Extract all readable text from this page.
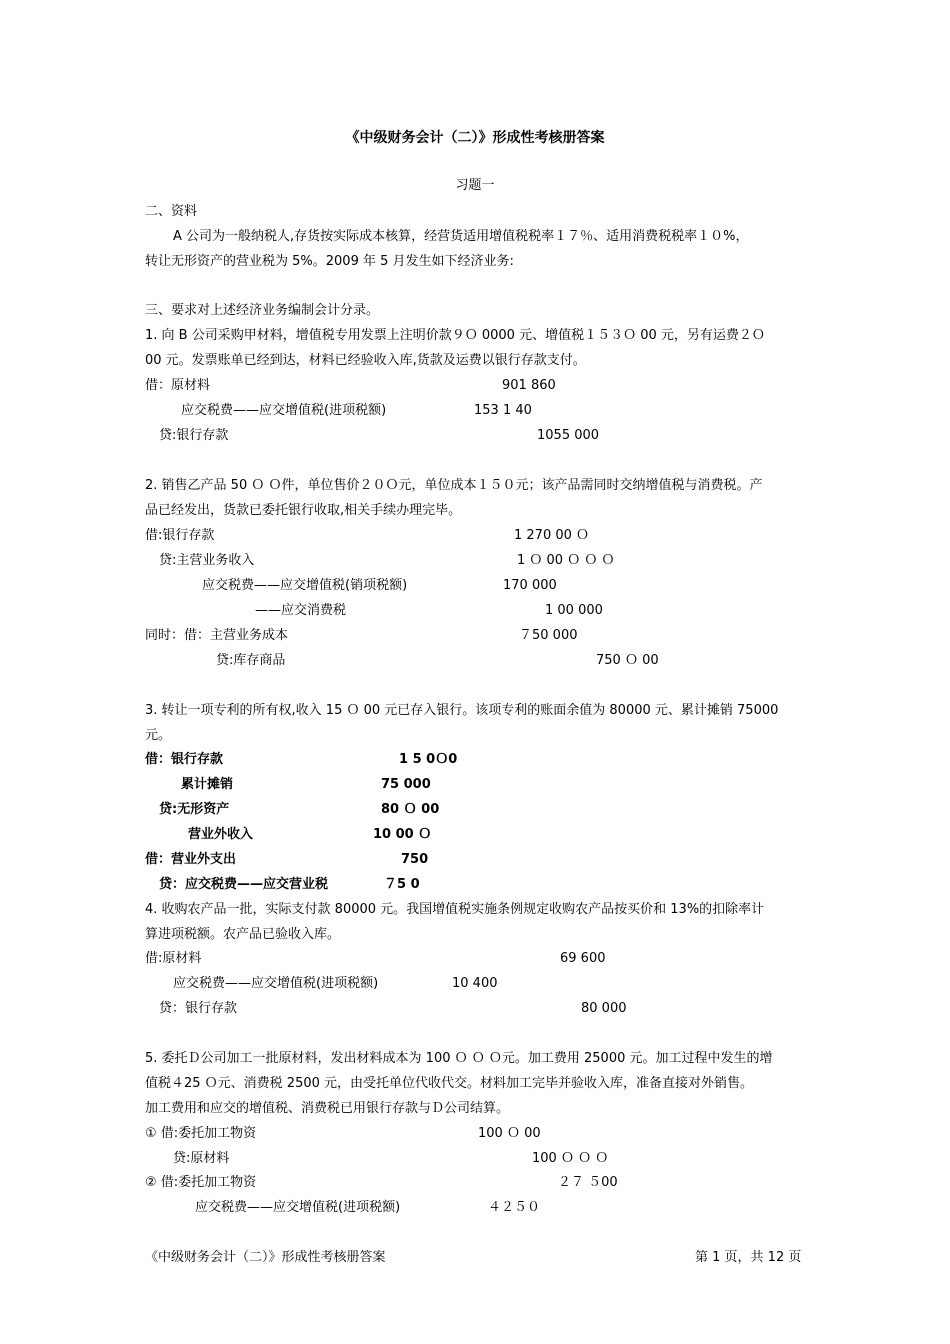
《中级财务会计（二）》形成性考核册答案
习题一
二、资料
A 公司为一般纳税人,存货按实际成本核算，经营货适用增值税税率１７％、适用消费税税率１０%，
转让无形资产的营业税为 5%。2009 年 5 月发生如下经济业务:
三、要求对上述经济业务编制会计分录。
1. 向 B 公司采购甲材料，增值税专用发票上注明价款９Ｏ 0000 元、增值税１５３Ｏ 00 元，另有运费２Ｏ
00 元。发票账单已经到达，材料已经验收入库,货款及运费以银行存款支付。
借：原材料	901 860
应交税费——应交增值税(进项税额)	153 1 40
贷:银行存款	1055 000
2. 销售乙产品 50 Ｏ Ｏ件，单位售价２０Ｏ元，单位成本１５０元；该产品需同时交纳增值税与消费税。产
品已经发出，货款已委托银行收取,相关手续办理完毕。
借:银行存款	1 270 00 Ｏ
贷:主营业务收入	1 Ｏ 00 Ｏ Ｏ Ｏ
应交税费——应交增值税(销项税额)	170 000
——应交消费税	1 00 000
同时：借：主营业务成本	７50 000
贷:库存商品	750 Ｏ 00
3. 转让一项专利的所有权,收入 15 Ｏ 00 元已存入银行。该项专利的账面余值为 80000 元、累计摊销 75000
元。
借：银行存款	1 5 0Ｏ0
累计摊销	75 000
贷:无形资产	80 Ｏ 00
营业外收入	10 00 Ｏ
借：营业外支出	750
贷：应交税费——应交营业税	７5 0
4. 收购农产品一批，实际支付款 80000 元。我国增值税实施条例规定收购农产品按买价和 13%的扣除率计
算进项税额。农产品已验收入库。
借:原材料	69 600
应交税费——应交增值税(进项税额)	10 400
贷：银行存款	80 000
5. 委托Ｄ公司加工一批原材料，发出材料成本为 100 Ｏ Ｏ Ｏ元。加工费用 25000 元。加工过程中发生的增
值税４25 Ｏ元、消费税 2500 元，由受托单位代收代交。材料加工完毕并验收入库，准备直接对外销售。
加工费用和应交的增值税、消费税已用银行存款与Ｄ公司结算。
① 借:委托加工物资	100 Ｏ 00
贷:原材料	100 Ｏ Ｏ Ｏ
② 借:委托加工物资	２７ ５00
应交税费——应交增值税(进项税额)	４２５０
《中级财务会计（二）》形成性考核册答案	第 1 页，共 12 页
